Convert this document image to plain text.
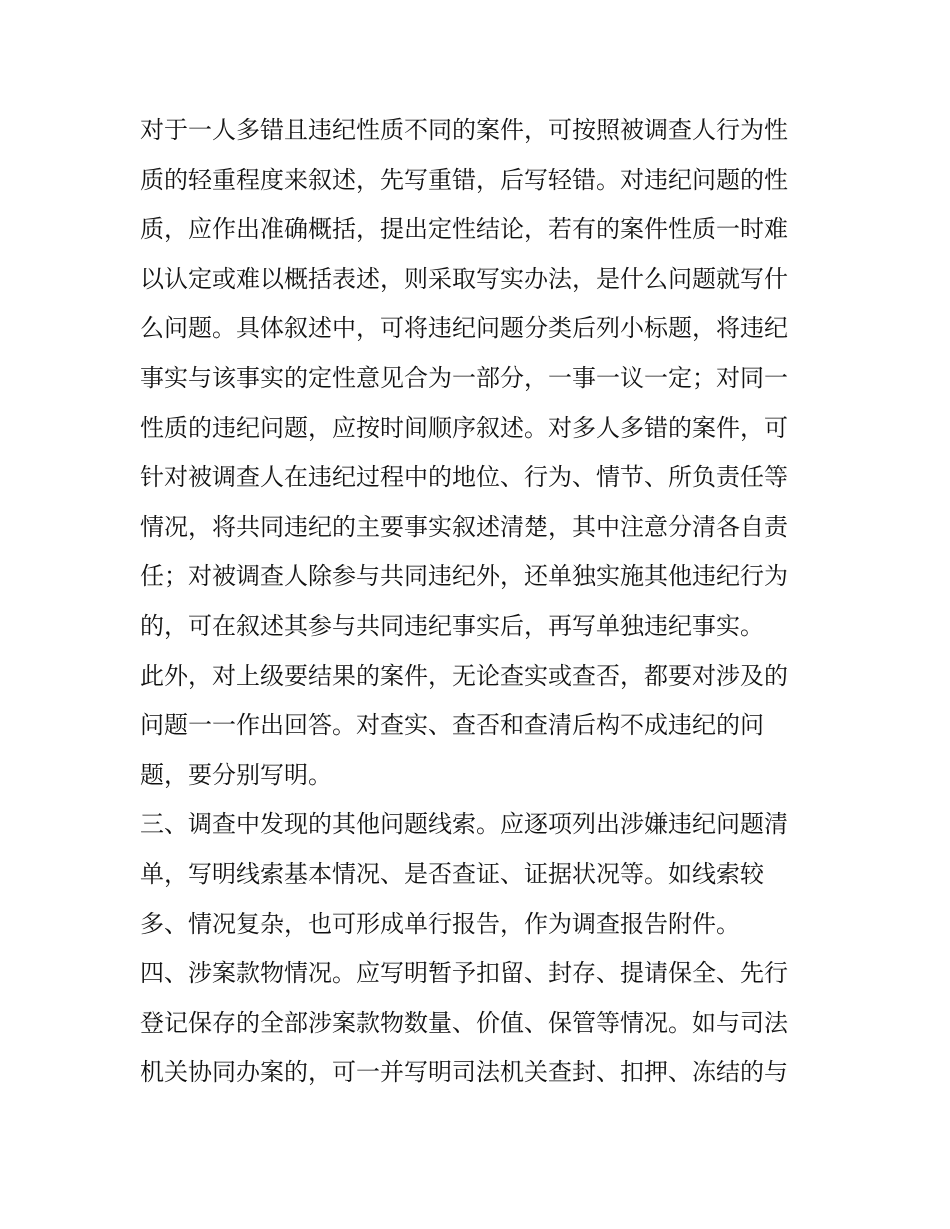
对于一人多错且违纪性质不同的案件，可按照被调查人行为性
质的轻重程度来叙述，先写重错，后写轻错。对违纪问题的性
质，应作出准确概括，提出定性结论，若有的案件性质一时难
以认定或难以概括表述，则采取写实办法，是什么问题就写什
么问题。具体叙述中，可将违纪问题分类后列小标题，将违纪
事实与该事实的定性意见合为一部分，一事一议一定；对同一
性质的违纪问题，应按时间顺序叙述。对多人多错的案件，可
针对被调查人在违纪过程中的地位、行为、情节、所负责任等
情况，将共同违纪的主要事实叙述清楚，其中注意分清各自责
任；对被调查人除参与共同违纪外，还单独实施其他违纪行为
的，可在叙述其参与共同违纪事实后，再写单独违纪事实。
此外，对上级要结果的案件，无论查实或查否，都要对涉及的
问题一一作出回答。对查实、查否和查清后构不成违纪的问
题，要分别写明。
三、调查中发现的其他问题线索。应逐项列出涉嫌违纪问题清
单，写明线索基本情况、是否查证、证据状况等。如线索较
多、情况复杂，也可形成单行报告，作为调查报告附件。
四、涉案款物情况。应写明暂予扣留、封存、提请保全、先行
登记保存的全部涉案款物数量、价值、保管等情况。如与司法
机关协同办案的，可一并写明司法机关查封、扣押、冻结的与
